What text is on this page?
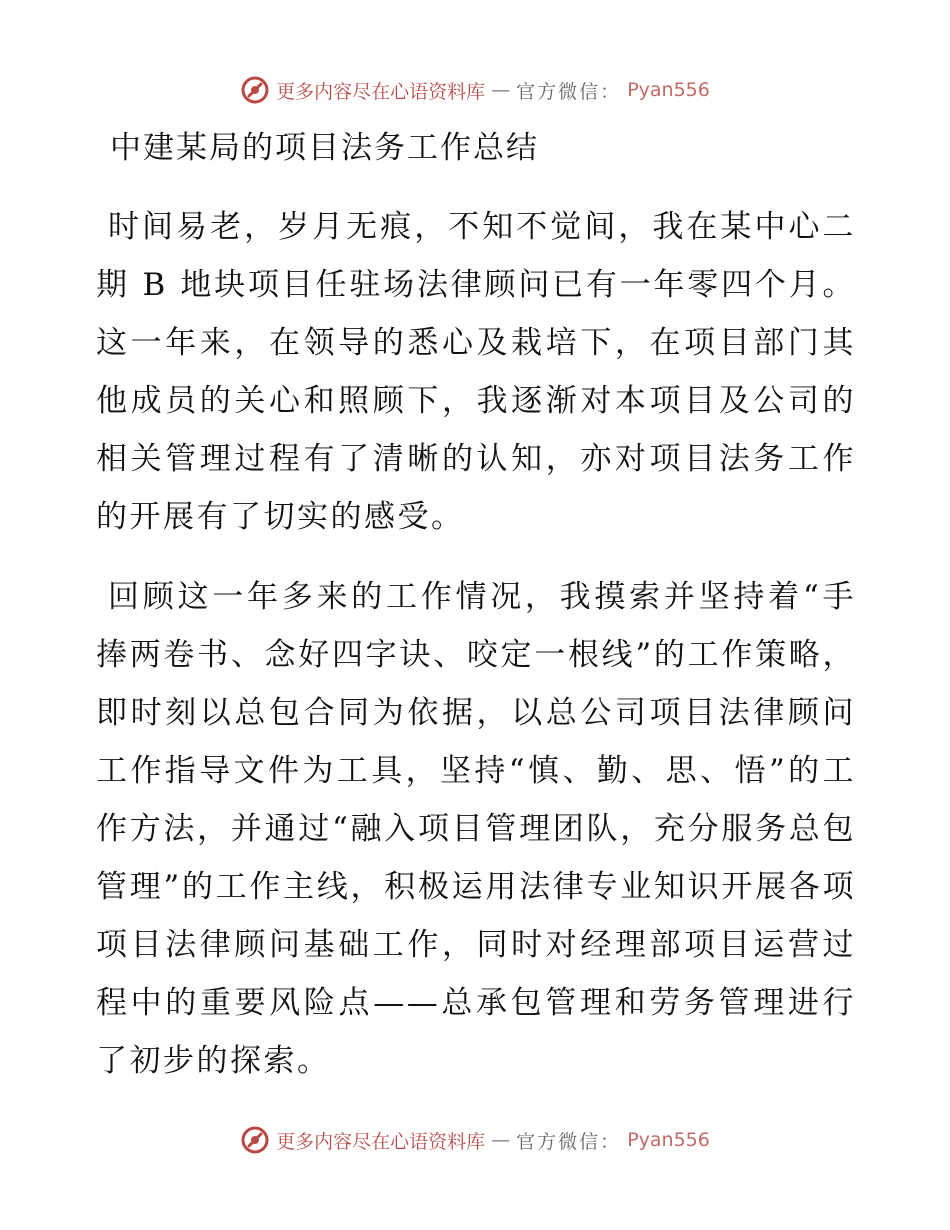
更多内容尽在心语资料库 — 官方微信： Pyan556
中建某局的项目法务工作总结

时间易老，岁月无痕，不知不觉间，我在某中心二期 B 地块项目任驻场法律顾问已有一年零四个月。这一年来，在领导的悉心及栽培下，在项目部门其他成员的关心和照顾下，我逐渐对本项目及公司的相关管理过程有了清晰的认知，亦对项目法务工作的开展有了切实的感受。

回顾这一年多来的工作情况，我摸索并坚持着“手捧两卷书、念好四字诀、咬定一根线”的工作策略，即时刻以总包合同为依据，以总公司项目法律顾问工作指导文件为工具，坚持“慎、勤、思、悟”的工作方法，并通过“融入项目管理团队，充分服务总包管理”的工作主线，积极运用法律专业知识开展各项项目法律顾问基础工作，同时对经理部项目运营过程中的重要风险点——总承包管理和劳务管理进行了初步的探索。

更多内容尽在心语资料库 — 官方微信： Pyan556
